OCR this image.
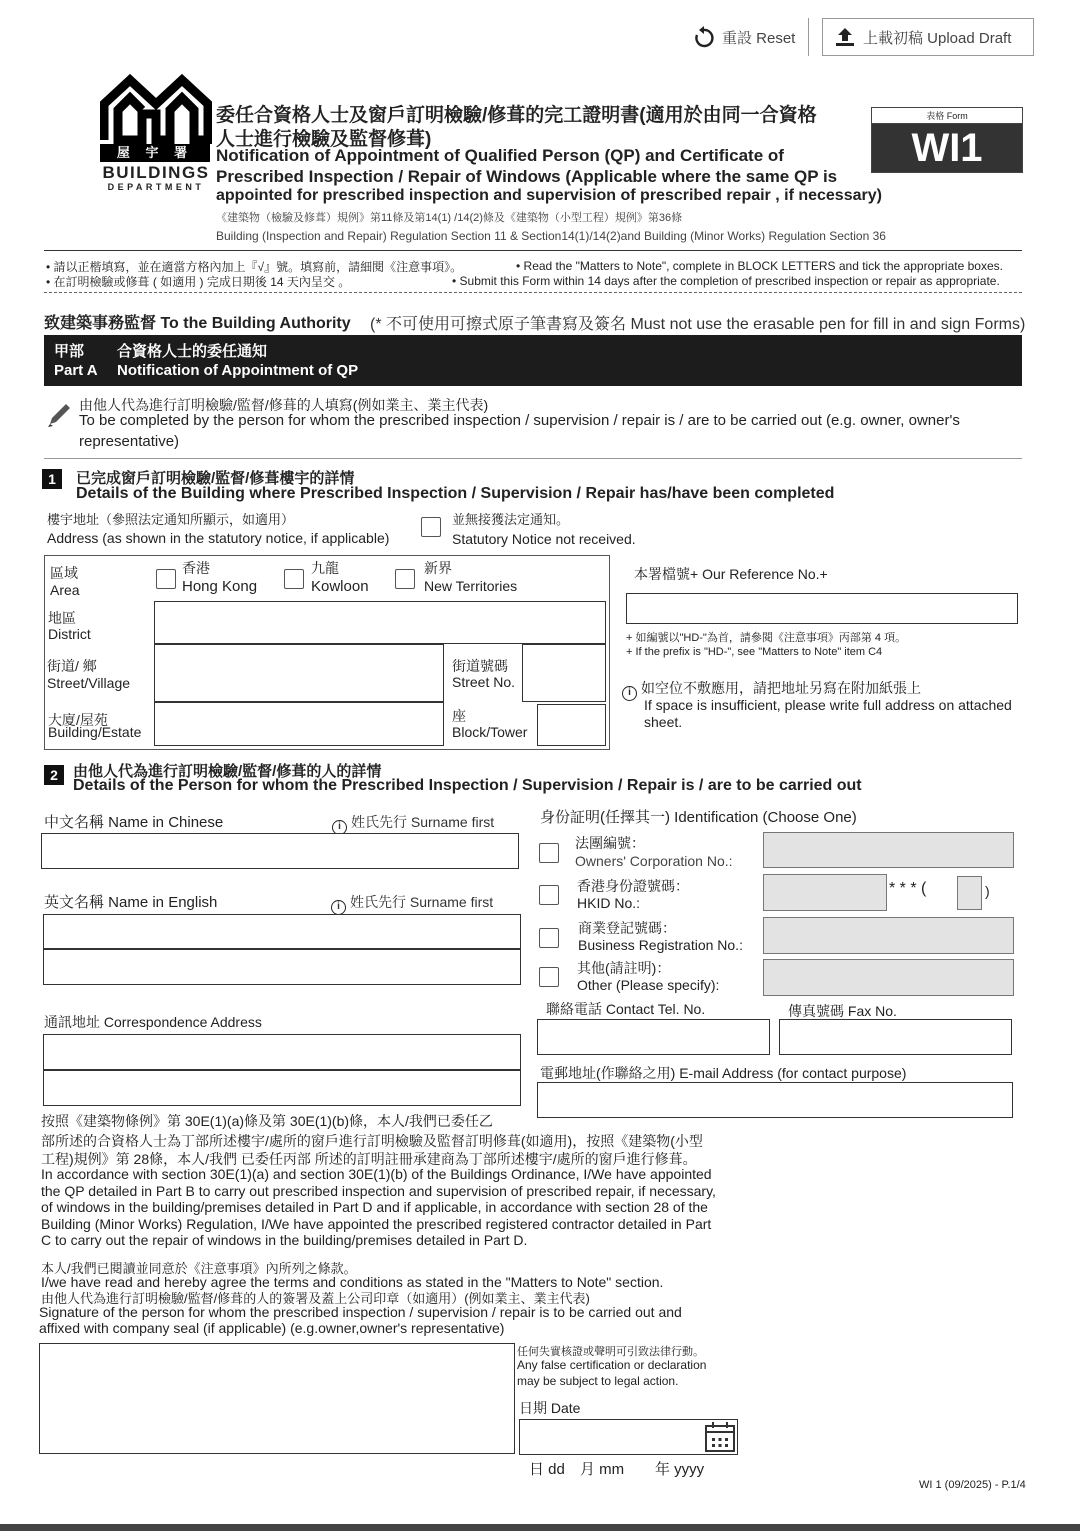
重設 Reset	上載初稿 Upload Draft
屋 宇 署
BUILDINGS
DEPARTMENT
委任合資格人士及窗戶訂明檢驗/修葺的完工證明書(適用於由同一合資格
人士進行檢驗及監督修葺)
Notification of Appointment of Qualified Person (QP) and Certificate of
Prescribed Inspection / Repair of Windows (Applicable where the same QP is
appointed for prescribed inspection and supervision of prescribed repair , if necessary)
《建築物（檢驗及修葺）規例》第11條及第14(1) /14(2)條及《建築物（小型工程）規例》第36條
Building (Inspection and Repair) Regulation Section 11 & Section14(1)/14(2)and Building (Minor Works) Regulation Section 36
表格 Form
WI1
• 請以正楷填寫，並在適當方格內加上『√』號。填寫前，請細閱《注意事項》。
• 在訂明檢驗或修葺 ( 如適用 ) 完成日期後 14 天內呈交 。
• Read the "Matters to Note", complete in BLOCK LETTERS and tick the appropriate boxes.
• Submit this Form within 14 days after the completion of prescribed inspection or repair as appropriate.
致建築事務監督 To the Building Authority (* 不可使用可擦式原子筆書寫及簽名 Must not use the erasable pen for fill in and sign Forms)
甲部
Part A
合資格人士的委任通知
Notification of Appointment of QP
由他人代為進行訂明檢驗/監督/修葺的人填寫(例如業主、業主代表)
To be completed by the person for whom the prescribed inspection / supervision / repair is / are to be carried out (e.g. owner, owner's
representative)
1	已完成窗戶訂明檢驗/監督/修葺樓宇的詳情
Details of the Building where Prescribed Inspection / Supervision / Repair has/have been completed
樓宇地址（參照法定通知所顯示，如適用）
Address (as shown in the statutory notice, if applicable)
並無接獲法定通知。
Statutory Notice not received.
區域
Area
香港
Hong Kong
九龍
Kowloon
新界
New Territories
地區
District
街道/ 鄉
Street/Village
街道號碼
Street No.
大廈/屋苑
Building/Estate
座
Block/Tower
本署檔號+ Our Reference No.+
+ 如編號以"HD-"為首，請參閱《注意事項》丙部第 4 項。
+ If the prefix is "HD-", see "Matters to Note" item C4
i 如空位不敷應用，請把地址另寫在附加紙張上
If space is insufficient, please write full address on attached
sheet.
2	由他人代為進行訂明檢驗/監督/修葺的人的詳情
Details of the Person for whom the Prescribed Inspection / Supervision / Repair is / are to be carried out
中文名稱 Name in Chinese	i 姓氏先行 Surname first
英文名稱 Name in English	i 姓氏先行 Surname first
通訊地址 Correspondence Address
身份証明(任擇其一) Identification (Choose One)
法團編號：
Owners' Corporation No.:
香港身份證號碼：
HKID No.:
* * * (	)
商業登記號碼：
Business Registration No.:
其他(請註明)：
Other (Please specify):
聯絡電話 Contact Tel. No.	傳真號碼 Fax No.
電郵地址(作聯絡之用) E-mail Address (for contact purpose)
按照《建築物條例》第 30E(1)(a)條及第 30E(1)(b)條，本人/我們已委任乙
部所述的合資格人士為丁部所述樓宇/處所的窗戶進行訂明檢驗及監督訂明修葺(如適用)，按照《建築物(小型
工程)規例》第 28條，本人/我們 已委任丙部 所述的訂明註冊承建商為丁部所述樓宇/處所的窗戶進行修葺。
In accordance with section 30E(1)(a) and section 30E(1)(b) of the Buildings Ordinance, I/We have appointed
the QP detailed in Part B to carry out prescribed inspection and supervision of prescribed repair, if necessary,
of windows in the building/premises detailed in Part D and if applicable, in accordance with section 28 of the
Building (Minor Works) Regulation, I/We have appointed the prescribed registered contractor detailed in Part
C to carry out the repair of windows in the building/premises detailed in Part D.
本人/我們已閱讀並同意於《注意事項》內所列之條款。
I/we have read and hereby agree the terms and conditions as stated in the "Matters to Note" section.
由他人代為進行訂明檢驗/監督/修葺的人的簽署及蓋上公司印章（如適用）(例如業主、業主代表)
Signature of the person for whom the prescribed inspection / supervision / repair is to be carried out and
affixed with company seal (if applicable) (e.g.owner,owner's representative)
任何失實核證或聲明可引致法律行動。
Any false certification or declaration
may be subject to legal action.
日期 Date
日 dd 月 mm 年 yyyy
WI 1 (09/2025) - P.1/4
